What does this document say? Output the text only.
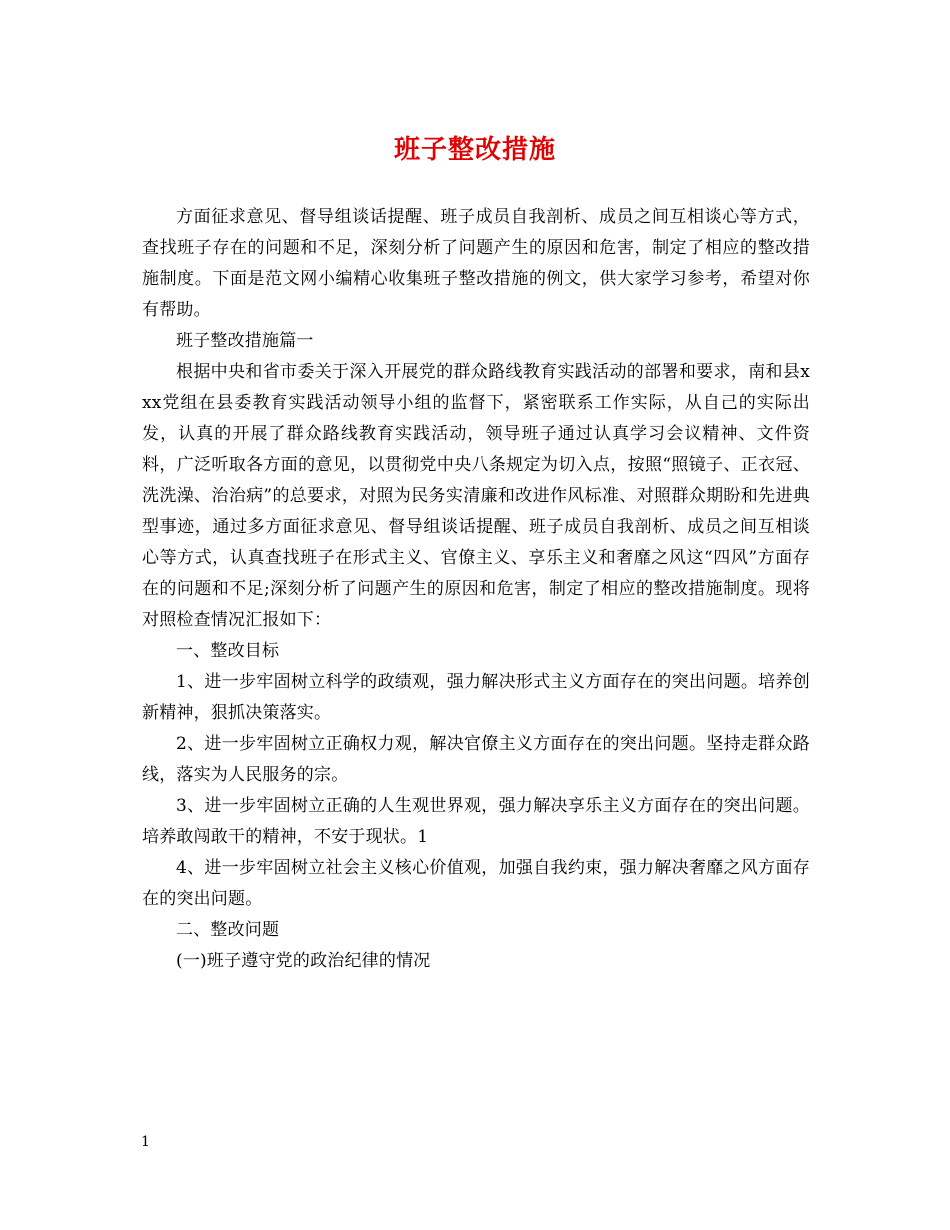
班子整改措施

方面征求意见、督导组谈话提醒、班子成员自我剖析、成员之间互相谈心等方式，查找班子存在的问题和不足，深刻分析了问题产生的原因和危害，制定了相应的整改措施制度。下面是范文网小编精心收集班子整改措施的例文，供大家学习参考，希望对你有帮助。

班子整改措施篇一

根据中央和省市委关于深入开展党的群众路线教育实践活动的部署和要求，南和县xxx党组在县委教育实践活动领导小组的监督下，紧密联系工作实际，从自己的实际出发，认真的开展了群众路线教育实践活动，领导班子通过认真学习会议精神、文件资料，广泛听取各方面的意见，以贯彻党中央八条规定为切入点，按照“照镜子、正衣冠、洗洗澡、治治病”的总要求，对照为民务实清廉和改进作风标准、对照群众期盼和先进典型事迹，通过多方面征求意见、督导组谈话提醒、班子成员自我剖析、成员之间互相谈心等方式，认真查找班子在形式主义、官僚主义、享乐主义和奢靡之风这“四风”方面存在的问题和不足;深刻分析了问题产生的原因和危害，制定了相应的整改措施制度。现将对照检查情况汇报如下：

一、整改目标

1、进一步牢固树立科学的政绩观，强力解决形式主义方面存在的突出问题。培养创新精神，狠抓决策落实。

2、进一步牢固树立正确权力观，解决官僚主义方面存在的突出问题。坚持走群众路线，落实为人民服务的宗。

3、进一步牢固树立正确的人生观世界观，强力解决享乐主义方面存在的突出问题。培养敢闯敢干的精神，不安于现状。1

4、进一步牢固树立社会主义核心价值观，加强自我约束，强力解决奢靡之风方面存在的突出问题。

二、整改问题

(一)班子遵守党的政治纪律的情况

1
